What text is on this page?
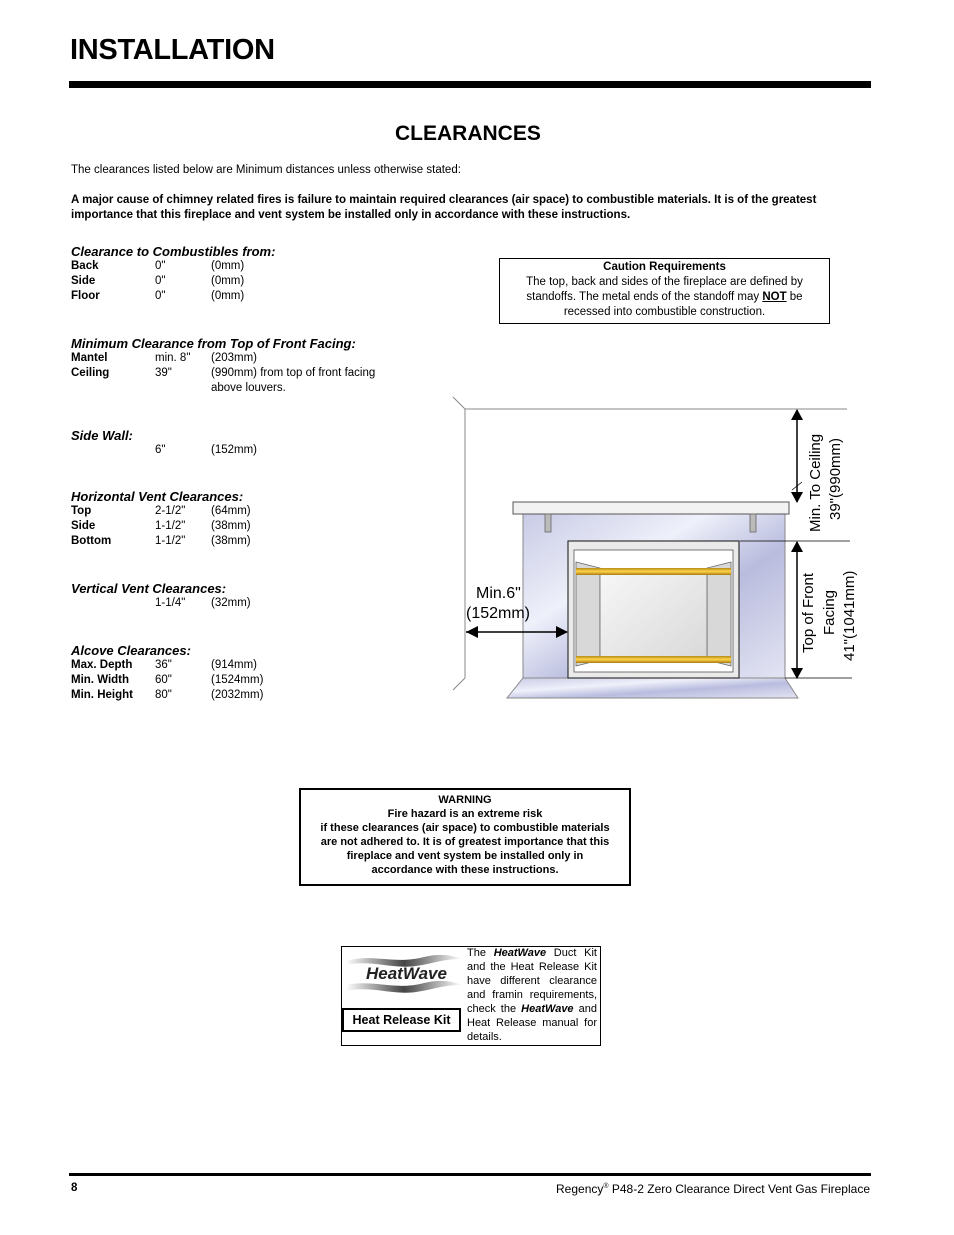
INSTALLATION
CLEARANCES
The clearances listed below are Minimum distances unless otherwise stated:
A major cause of chimney related fires is failure to maintain required clearances (air space) to combustible materials. It is of the greatest importance that this fireplace and vent system be installed only in accordance with these instructions.
Clearance to Combustibles from:
Back	0"	(0mm)
Side	0"	(0mm)
Floor	0"	(0mm)
Minimum Clearance from Top of Front Facing:
Mantel	min. 8" (203mm)
Ceiling	39"	(990mm) from top of front facing
above louvers.
Side Wall:
6"	(152mm)
Horizontal Vent Clearances:
Top	2-1/2" (64mm)
Side	1-1/2" (38mm)
Bottom	1-1/2" (38mm)
Vertical Vent Clearances:
1-1/4" (32mm)
Alcove Clearances:
Max. Depth 36"	(914mm)
Min. Width 60"	(1524mm)
Min. Height 80"	(2032mm)
Caution Requirements
The top, back and sides of the fireplace are defined by
standoffs. The metal ends of the standoff may NOT be
recessed into combustible construction.
Min. To Ceiling 39"(990mm)
Top of Front Facing 41"(1041mm)
Min.6"
(152mm)
WARNING
Fire hazard is an extreme risk
if these clearances (air space) to combustible materials
are not adhered to. It is of greatest importance that this
fireplace and vent system be installed only in
accordance with these instructions.
HeatWave
Heat Release Kit
The HeatWave Duct Kit and the Heat Release Kit have different clearance and framin requirements, check the HeatWave and Heat Release manual for details.
8	Regency® P48-2 Zero Clearance Direct Vent Gas Fireplace
